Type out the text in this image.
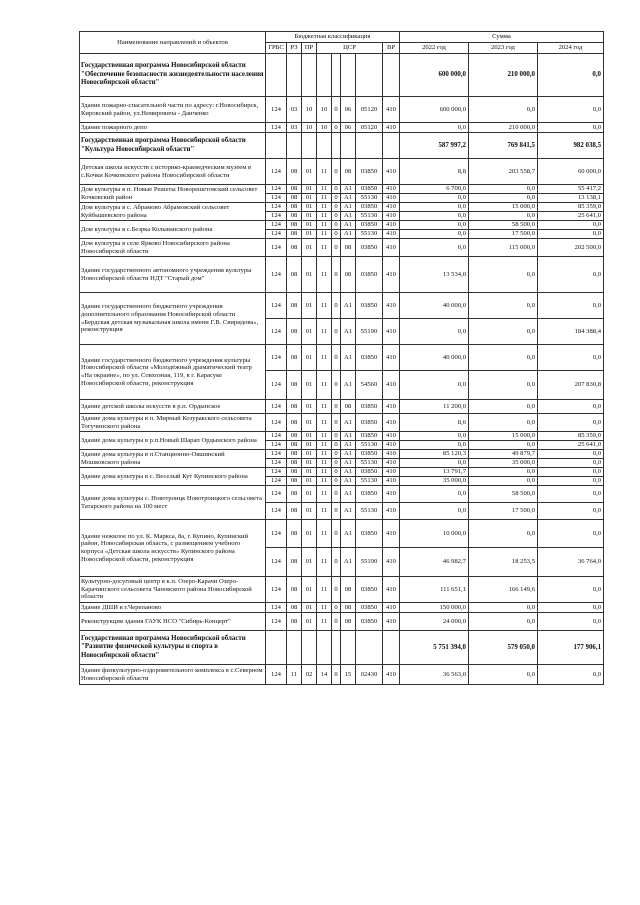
Наименование направлений и объектов	Бюджетная классификация								Сумма		
	ГРБС	РЗ	ПР	ЦСР				ВР	2022 год	2023 год	2024 год
Государственная программа Новосибирской области "Обеспечение безопасности жизнедеятельности населения Новосибирской области"									600 000,0	210 000,0	0,0
Здание пожарно-спасательной части по адресу: г.Новосибирск, Кировский район, ул.Немировича - Данченко	124	03	10	10	0	06	05120	410	600 000,0	0,0	0,0
Здание пожарного депо	124	03	10	10	0	06	05120	410	0,0	210 000,0	0,0
Государственная программа Новосибирской области "Культура Новосибирской области"									587 997,2	769 841,5	982 038,5
Детская школа искусств с историко-краеведческим музеем в с.Кочки Кочковского района Новосибирской области	124	08	01	11	0	08	03850	410	8,8	203 558,7	60 000,0
Дом культуры в п. Новые Решеты Новорешетовский сельсовет Кочковский район	124	08	01	11	0	A1	03850	410	6 700,0	0,0	55 417,2
	124	08	01	11	0	A1	55130	410	0,0	0,0	13 138,1
Дом культуры в с. Абрамово Абрамовский сельсовет Куйбышевского района	124	08	01	11	0	A1	03850	410	0,0	15 000,0	85 359,0
	124	08	01	11	0	A1	55130	410	0,0	0,0	25 641,0
Дом культуры в с.Безрка Колыванского района	124	08	01	11	0	A1	03850	410	0,0	58 500,0	0,0
	124	08	01	11	0	A1	55130	410	0,0	17 500,0	0,0
Дом культуры в селе Ярково Новосибирского района Новосибирской области	124	08	01	11	0	08	03850	410	0,0	115 000,0	202 500,0
Здание государственного автономного учреждения культуры Новосибирской области НДТ "Старый дом"	124	08	01	11	0	08	03850	410	13 534,0	0,0	0,0
Здание государственного бюджетного учреждения дополнительного образования Новосибирской области «Бердская детская музыкальная школа имени Г.В. Свиридова», реконструкция	124	08	01	11	0	A1	03850	410	40 000,0	0,0	0,0
	124	08	01	11	0	A1	55190	410	0,0	0,0	184 388,4
Здание государственного бюджетного учреждения культуры Новосибирской области «Молодёжный драматический театр «На окраине», по ул. Совхозная, 119, в г. Карасуке Новосибирской области, реконструкция	124	08	01	11	0	A1	03850	410	40 000,0	0,0	0,0
	124	08	01	11	0	A1	54560	410	0,0	0,0	207 830,8
Здание детской школы искусств в р.п. Ордынское	124	08	01	11	0	08	03850	410	11 200,0	0,0	0,0
Здание дома культуры в п. Мирный Козуракского сельсовета Тогучинского района	124	08	01	11	0	A1	03850	410	8,6	0,0	0,0
Здание дома культуры в р.п.Новый Шарап Ордынского района	124	08	01	11	0	A1	03850	410	0,0	15 000,0	85 359,0
	124	08	01	11	0	A1	55130	410	0,0	0,0	25 641,0
Здание дома культуры в п.Станционно-Ояшинский Мошковского района	124	08	01	11	0	A1	03850	410	85 120,3	49 879,7	0,0
	124	08	01	11	0	A1	55130	410	0,0	35 000,0	0,0
Здание дома культуры в с. Веселый Кут Купинского района	124	08	01	11	0	A1	03850	410	13 791,7	0,0	0,0
	124	08	01	11	0	A1	55130	410	35 000,0	0,0	0,0
Здание дома культуры с. Новотроицк Новотроицкого сельсовета Татарского района на 100 мест	124	08	01	11	0	A1	03850	410	0,0	58 500,0	0,0
	124	08	01	11	0	A1	55130	410	0,0	17 500,0	0,0
Здание нежилое по ул. К. Маркса, 8а, г. Купино, Купинский район, Новосибирская область, с размещением учебного корпуса «Детская школа искусств» Купинского района Новосибирской области, реконструкция	124	08	01	11	0	A1	03850	410	10 000,0	0,0	0,0
	124	08	01	11	0	A1	55190	410	46 982,7	18 253,5	36 764,0
Культурно-досуговый центр в к.п. Озеро-Карачи Озеро-Карачинского сельсовета Чановского района Новосибирской области	124	08	01	11	0	08	03850	410	111 651,1	166 149,6	0,0
Здание ДШИ в г.Черепаново	124	08	01	11	0	08	03850	410	150 000,0	0,0	0,0
Реконструкция здания ГАУК НСО "Сибирь-Концерт"	124	08	01	11	0	08	03850	410	24 000,0	0,0	0,0
Государственная программа Новосибирской области "Развитие физической культуры и спорта в Новосибирской области"									5 751 394,0	579 050,0	177 906,1
Здание физкультурно-оздоровительного комплекса в с.Северном Новосибирской области	124	11	02	14	0	15	02430	410	36 563,0	0,0	0,0
